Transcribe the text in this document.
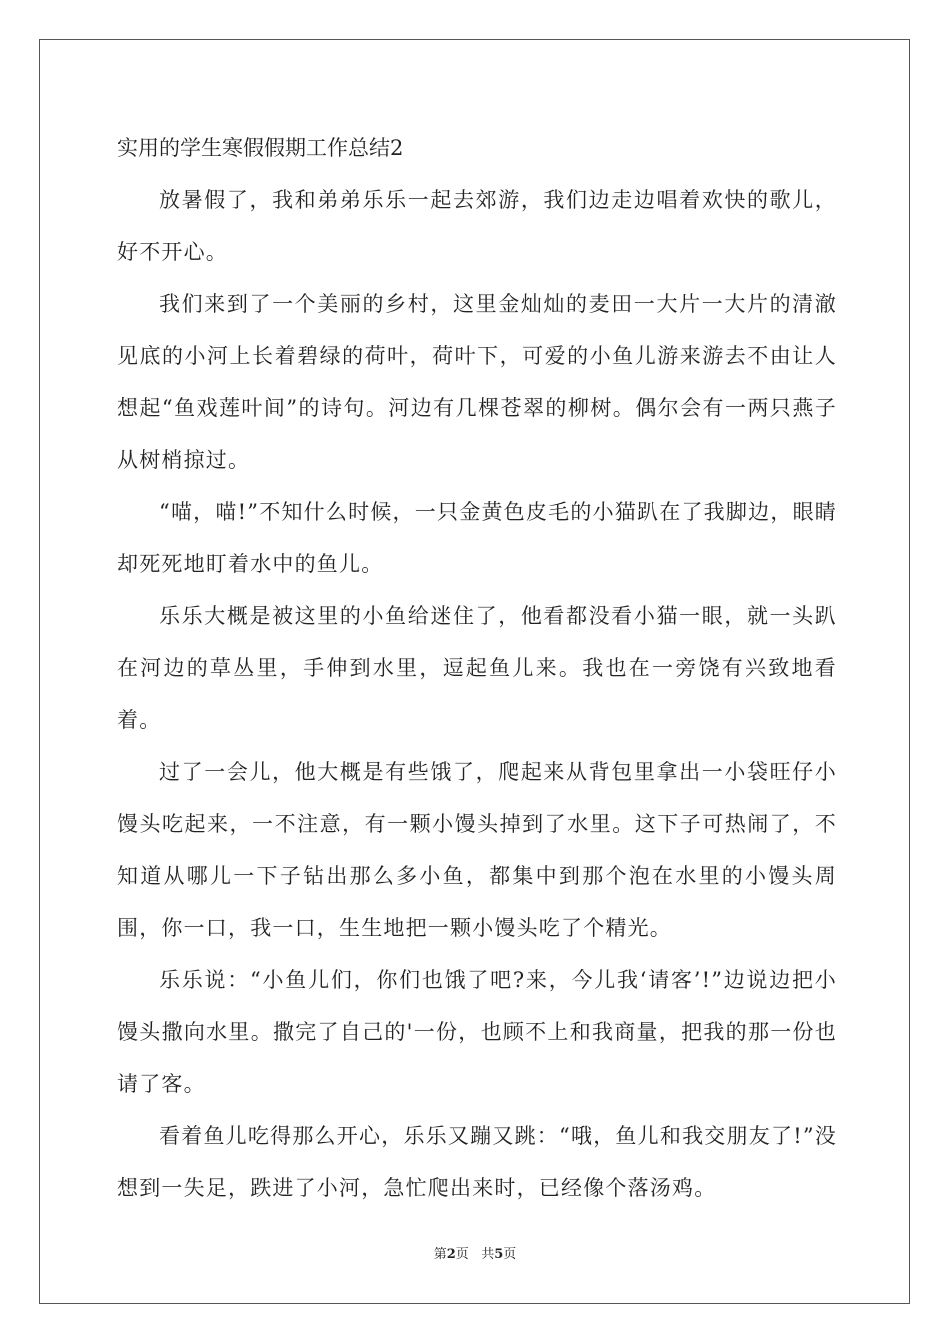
实用的学生寒假假期工作总结2

放暑假了，我和弟弟乐乐一起去郊游，我们边走边唱着欢快的歌儿，好不开心。

我们来到了一个美丽的乡村，这里金灿灿的麦田一大片一大片的清澈见底的小河上长着碧绿的荷叶，荷叶下，可爱的小鱼儿游来游去不由让人想起“鱼戏莲叶间”的诗句。河边有几棵苍翠的柳树。偶尔会有一两只燕子从树梢掠过。

“喵，喵!”不知什么时候，一只金黄色皮毛的小猫趴在了我脚边，眼睛却死死地盯着水中的鱼儿。

乐乐大概是被这里的小鱼给迷住了，他看都没看小猫一眼，就一头趴在河边的草丛里，手伸到水里，逗起鱼儿来。我也在一旁饶有兴致地看着。

过了一会儿，他大概是有些饿了，爬起来从背包里拿出一小袋旺仔小馒头吃起来，一不注意，有一颗小馒头掉到了水里。这下子可热闹了，不知道从哪儿一下子钻出那么多小鱼，都集中到那个泡在水里的小馒头周围，你一口，我一口，生生地把一颗小馒头吃了个精光。

乐乐说：“小鱼儿们，你们也饿了吧?来，今儿我‘请客’!”边说边把小馒头撒向水里。撒完了自己的'一份，也顾不上和我商量，把我的那一份也请了客。

看着鱼儿吃得那么开心，乐乐又蹦又跳：“哦，鱼儿和我交朋友了!”没想到一失足，跌进了小河，急忙爬出来时，已经像个落汤鸡。

第2页 共5页
